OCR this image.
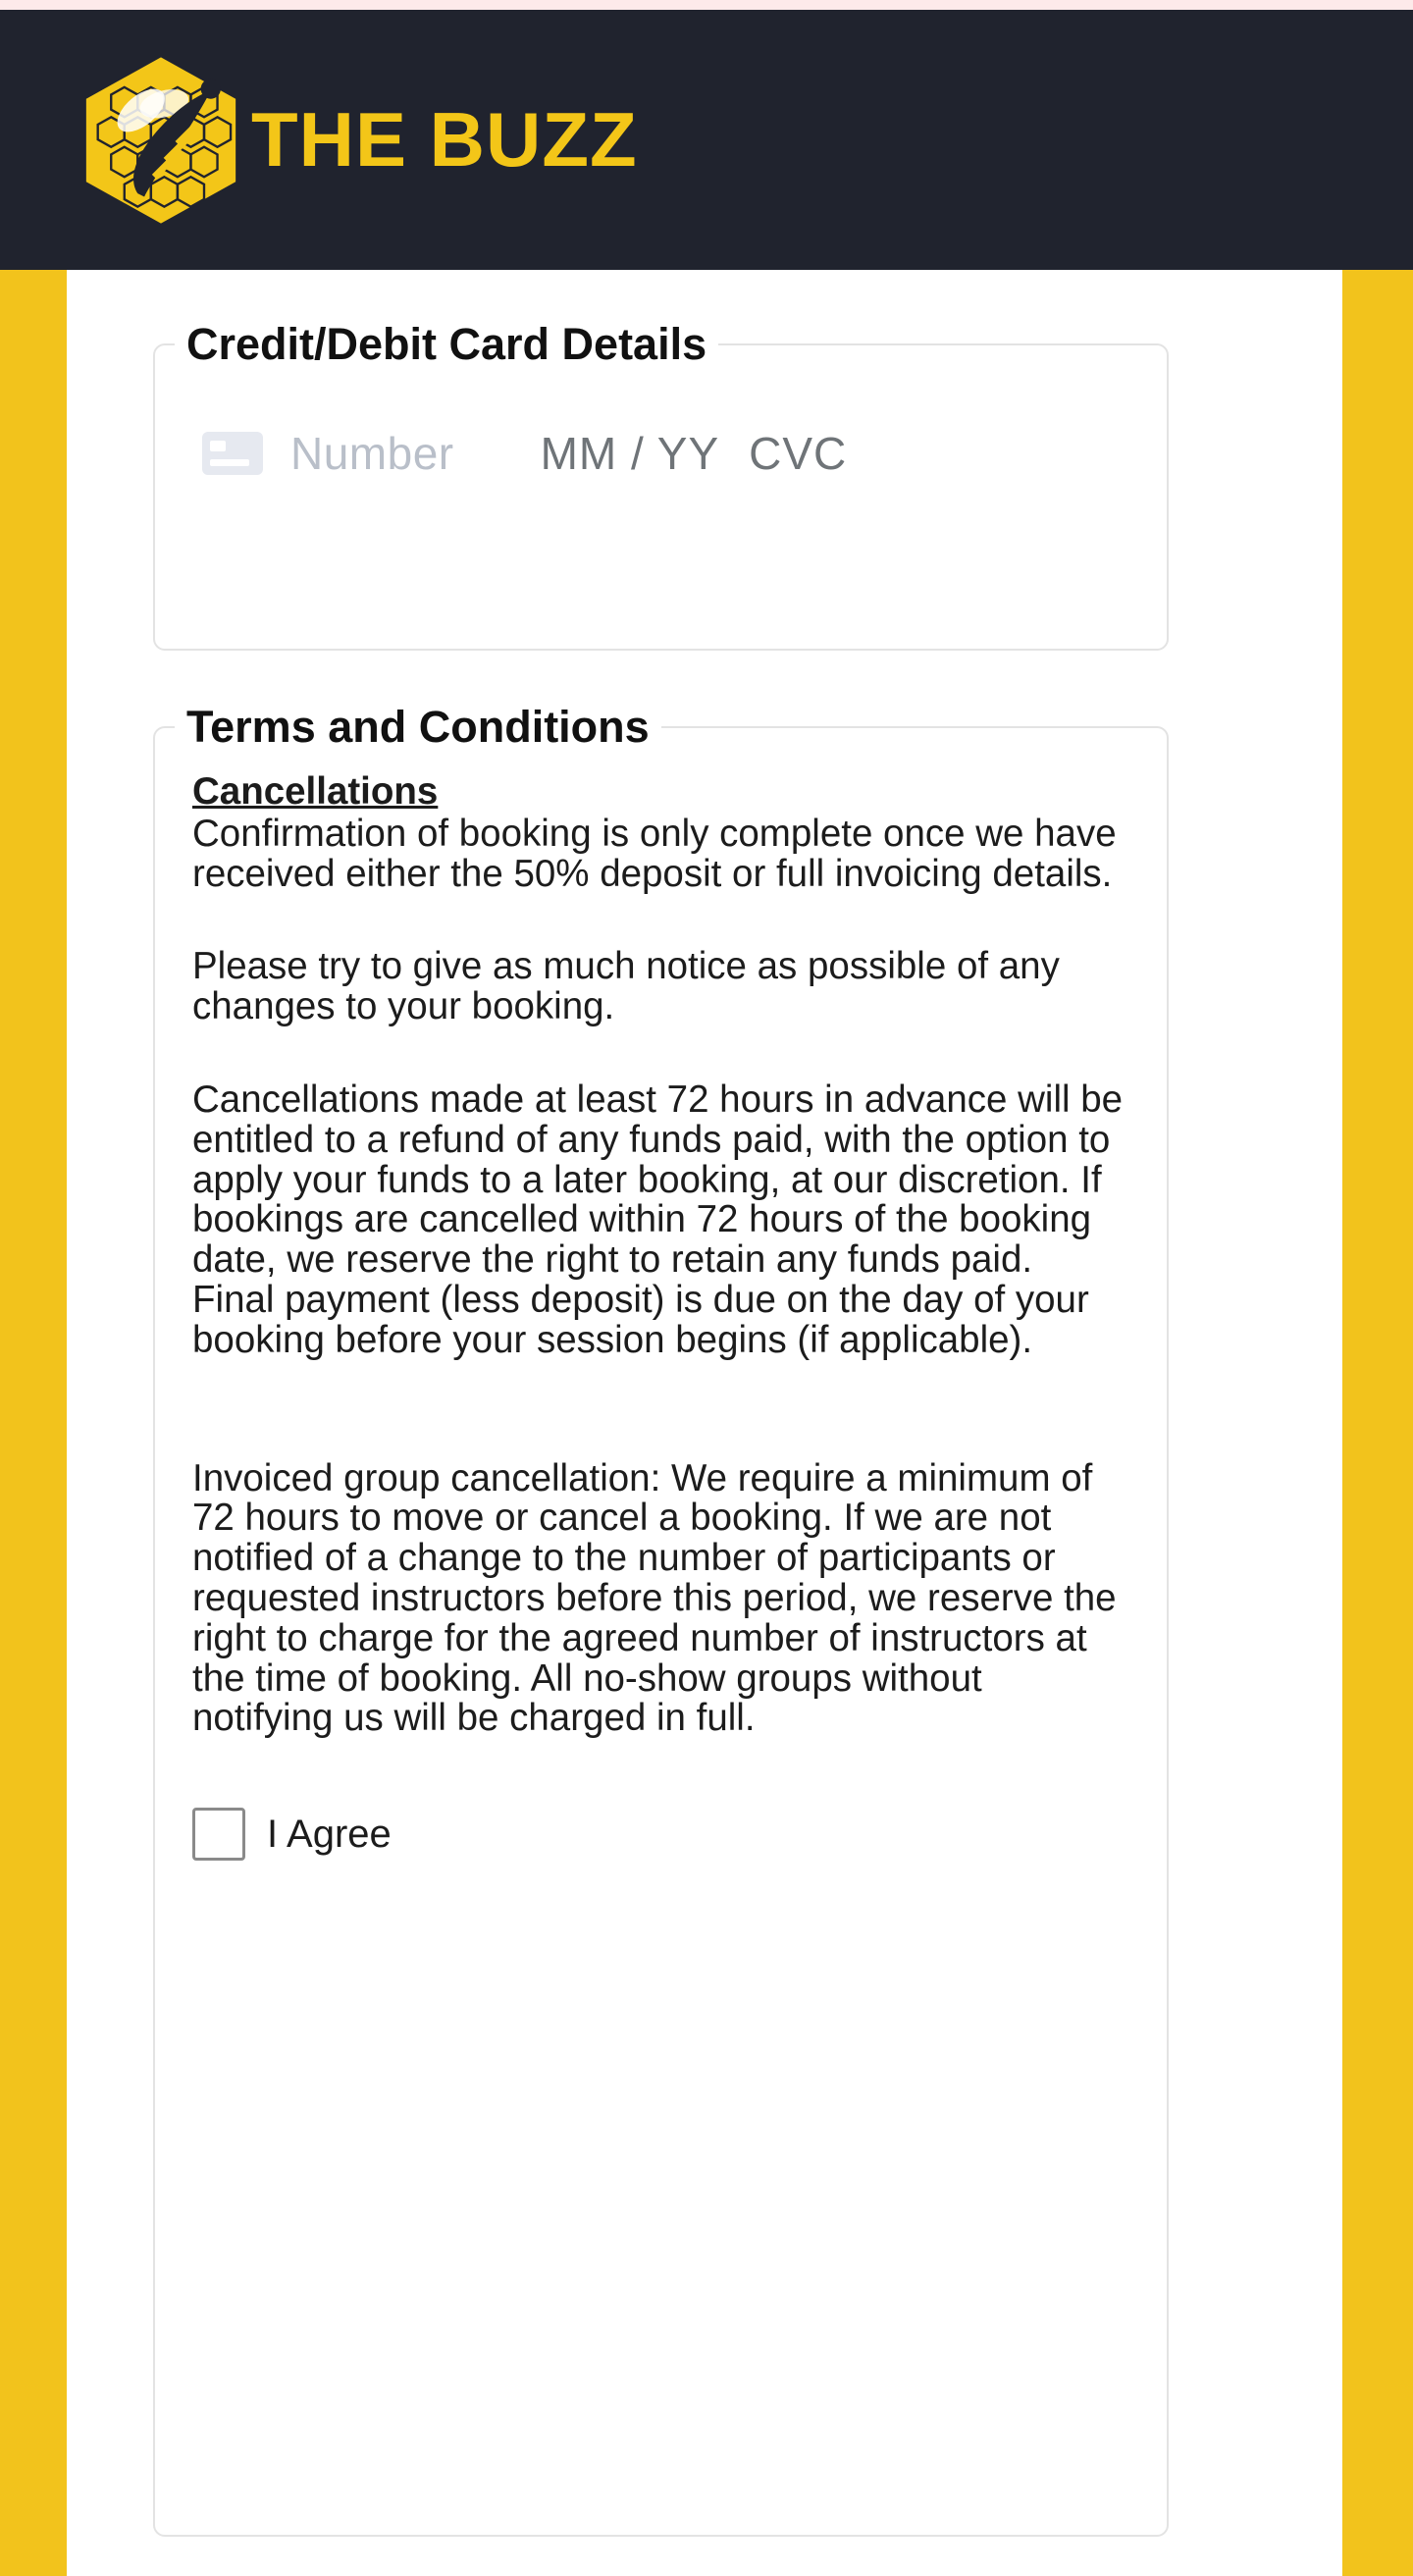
THE BUZZ
Credit/Debit Card Details
Number MM / YY CVC
Terms and Conditions
Cancellations

Confirmation of booking is only complete once we have received either the 50% deposit or full invoicing details.

Please try to give as much notice as possible of any changes to your booking.

Cancellations made at least 72 hours in advance will be entitled to a refund of any funds paid, with the option to apply your funds to a later booking, at our discretion. If bookings are cancelled within 72 hours of the booking date, we reserve the right to retain any funds paid.

Final payment (less deposit) is due on the day of your booking before your session begins (if applicable).

Invoiced group cancellation: We require a minimum of 72 hours to move or cancel a booking. If we are not notified of a change to the number of participants or requested instructors before this period, we reserve the right to charge for the agreed number of instructors at the time of booking. All no-show groups without notifying us will be charged in full.

I Agree
